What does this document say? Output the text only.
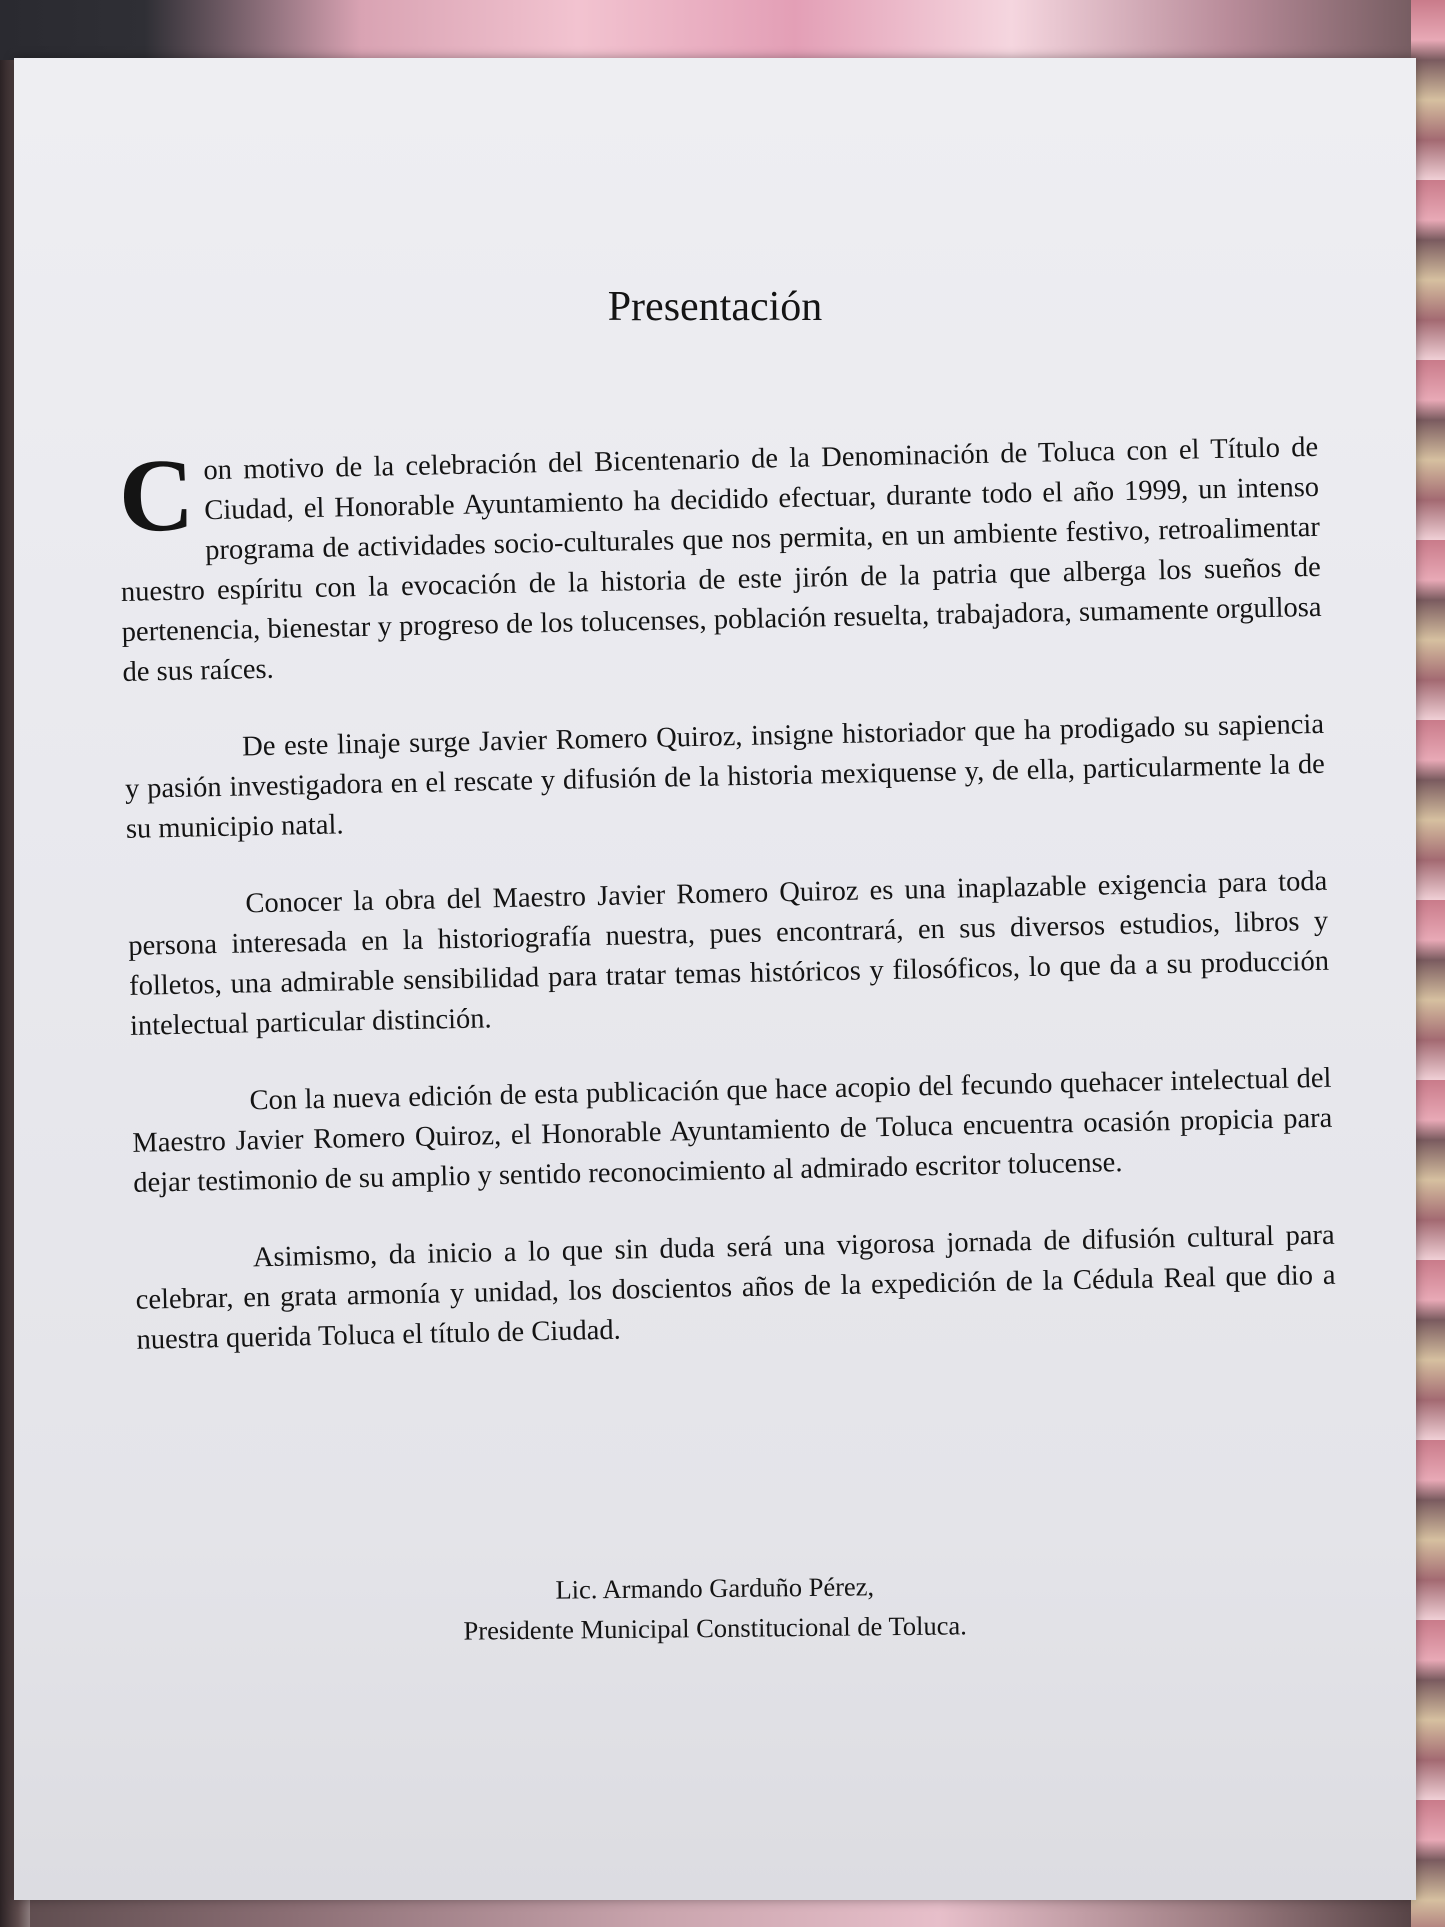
Presentación

Con motivo de la celebración del Bicentenario de la Denominación de Toluca con el Título de Ciudad, el Honorable Ayuntamiento ha decidido efectuar, durante todo el año 1999, un intenso programa de actividades socio-culturales que nos permita, en un ambiente festivo, retroalimentar nuestro espíritu con la evocación de la historia de este jirón de la patria que alberga los sueños de pertenencia, bienestar y progreso de los tolucenses, población resuelta, trabajadora, sumamente orgullosa de sus raíces.

De este linaje surge Javier Romero Quiroz, insigne historiador que ha prodigado su sapiencia y pasión investigadora en el rescate y difusión de la historia mexiquense y, de ella, particularmente la de su municipio natal.

Conocer la obra del Maestro Javier Romero Quiroz es una inaplazable exigencia para toda persona interesada en la historiografía nuestra, pues encontrará, en sus diversos estudios, libros y folletos, una admirable sensibilidad para tratar temas históricos y filosóficos, lo que da a su producción intelectual particular distinción.

Con la nueva edición de esta publicación que hace acopio del fecundo quehacer intelectual del Maestro Javier Romero Quiroz, el Honorable Ayuntamiento de Toluca encuentra ocasión propicia para dejar testimonio de su amplio y sentido reconocimiento al admirado escritor tolucense.

Asimismo, da inicio a lo que sin duda será una vigorosa jornada de difusión cultural para celebrar, en grata armonía y unidad, los doscientos años de la expedición de la Cédula Real que dio a nuestra querida Toluca el título de Ciudad.

Lic. Armando Garduño Pérez,
Presidente Municipal Constitucional de Toluca.
